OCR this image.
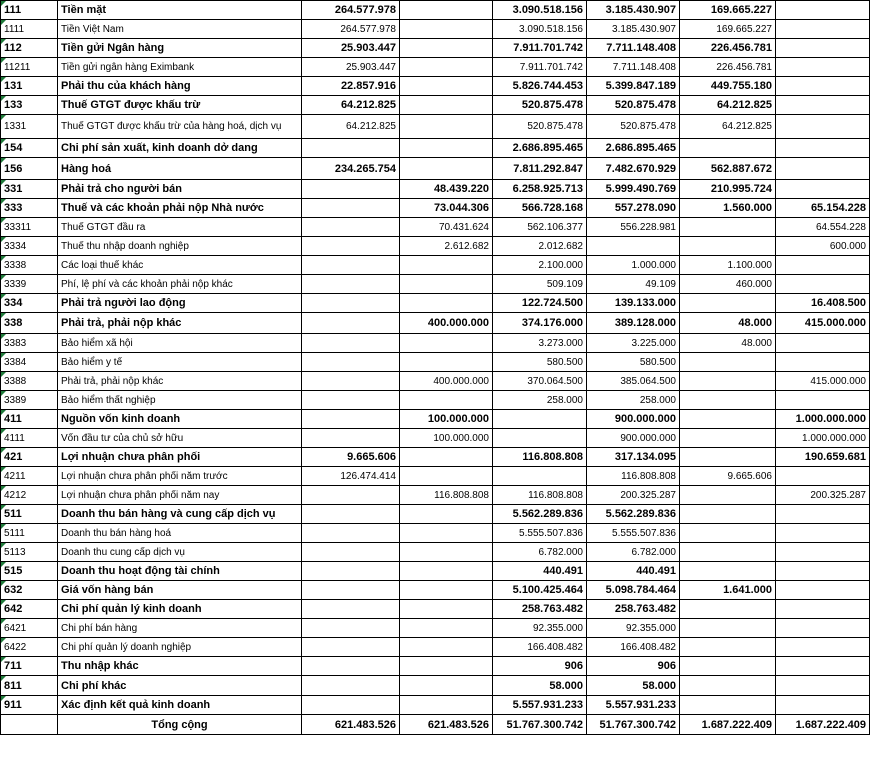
111	Tiền mặt	264.577.978		3.090.518.156	3.185.430.907	169.665.227	
1111	Tiền Việt Nam	264.577.978		3.090.518.156	3.185.430.907	169.665.227	
112	Tiền gửi Ngân hàng	25.903.447		7.911.701.742	7.711.148.408	226.456.781	
11211	Tiền gửi ngân hàng Eximbank	25.903.447		7.911.701.742	7.711.148.408	226.456.781	
131	Phải thu của khách hàng	22.857.916		5.826.744.453	5.399.847.189	449.755.180	
133	Thuế GTGT được khấu trừ	64.212.825		520.875.478	520.875.478	64.212.825	
1331	Thuế GTGT được khấu trừ của hàng hoá, dịch vụ	64.212.825		520.875.478	520.875.478	64.212.825	
154	Chi phí sản xuất, kinh doanh dở dang			2.686.895.465	2.686.895.465		
156	Hàng hoá	234.265.754		7.811.292.847	7.482.670.929	562.887.672	
331	Phải trả cho người bán		48.439.220	6.258.925.713	5.999.490.769	210.995.724	
333	Thuế và các khoản phải nộp Nhà nước		73.044.306	566.728.168	557.278.090	1.560.000	65.154.228
33311	Thuế GTGT đầu ra		70.431.624	562.106.377	556.228.981		64.554.228
3334	Thuế thu nhập doanh nghiệp		2.612.682	2.012.682			600.000
3338	Các loại thuế khác			2.100.000	1.000.000	1.100.000	
3339	Phí, lệ phí và các khoản phải nộp khác			509.109	49.109	460.000	
334	Phải trả người lao động			122.724.500	139.133.000		16.408.500
338	Phải trả, phải nộp khác		400.000.000	374.176.000	389.128.000	48.000	415.000.000
3383	Bảo hiểm xã hội			3.273.000	3.225.000	48.000	
3384	Bảo hiểm y tế			580.500	580.500		
3388	Phải trả, phải nộp khác		400.000.000	370.064.500	385.064.500		415.000.000
3389	Bảo hiểm thất nghiệp			258.000	258.000		
411	Nguồn vốn kinh doanh		100.000.000		900.000.000		1.000.000.000
4111	Vốn đầu tư của chủ sở hữu		100.000.000		900.000.000		1.000.000.000
421	Lợi nhuận chưa phân phối	9.665.606		116.808.808	317.134.095		190.659.681
4211	Lợi nhuận chưa phân phối năm trước	126.474.414			116.808.808	9.665.606	
4212	Lợi nhuận chưa phân phối năm nay		116.808.808	116.808.808	200.325.287		200.325.287
511	Doanh thu bán hàng và cung cấp dịch vụ			5.562.289.836	5.562.289.836		
5111	Doanh thu bán hàng hoá			5.555.507.836	5.555.507.836		
5113	Doanh thu cung cấp dịch vụ			6.782.000	6.782.000		
515	Doanh thu hoạt động tài chính			440.491	440.491		
632	Giá vốn hàng bán			5.100.425.464	5.098.784.464	1.641.000	
642	Chi phí quản lý kinh doanh			258.763.482	258.763.482		
6421	Chi phí bán hàng			92.355.000	92.355.000		
6422	Chi phí quản lý doanh nghiệp			166.408.482	166.408.482		
711	Thu nhập khác			906	906		
811	Chi phí khác			58.000	58.000		
911	Xác định kết quả kinh doanh			5.557.931.233	5.557.931.233		
	Tổng cộng	621.483.526	621.483.526	51.767.300.742	51.767.300.742	1.687.222.409	1.687.222.409
